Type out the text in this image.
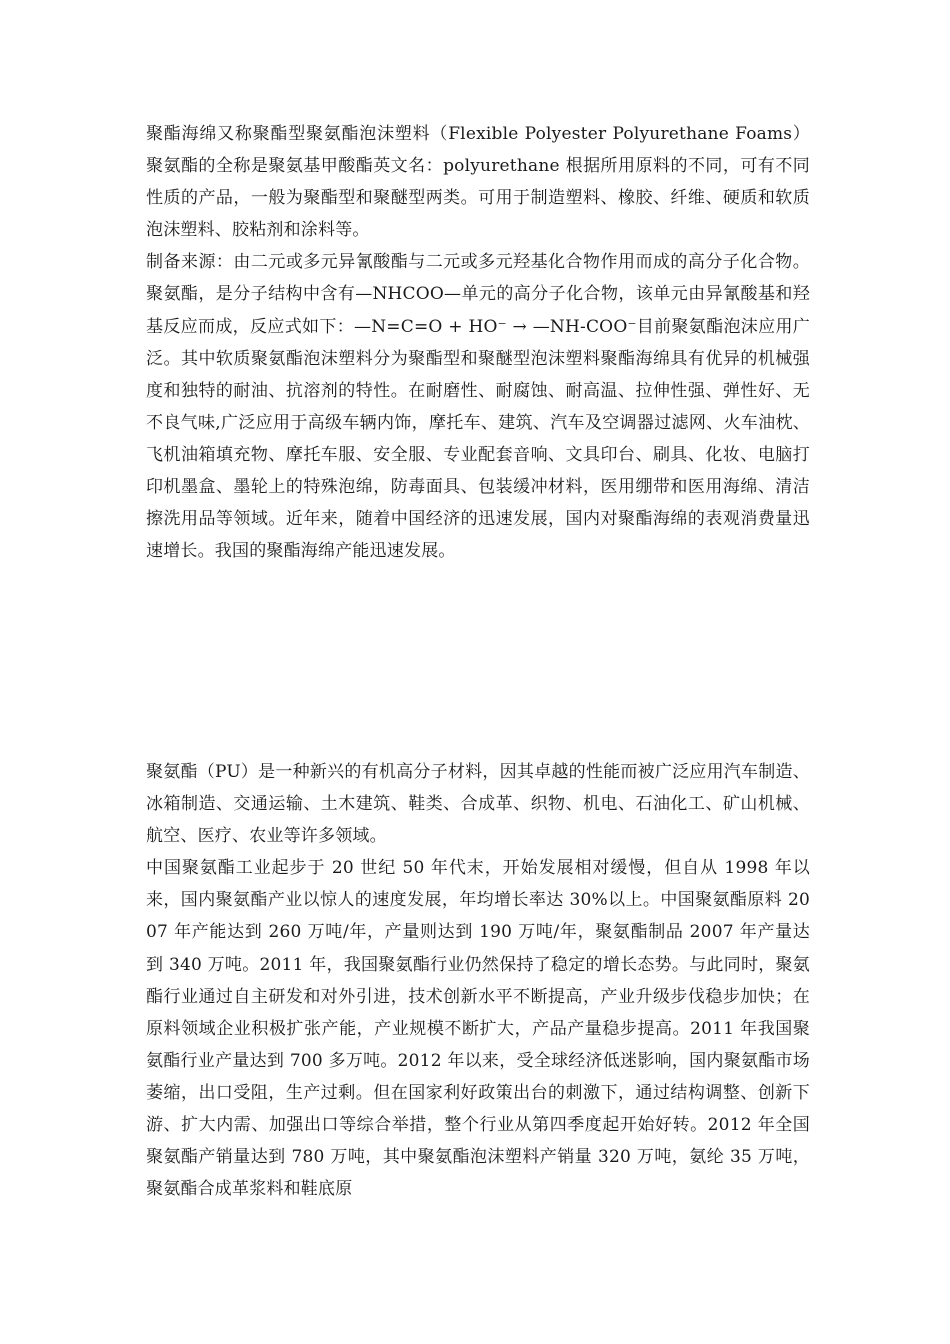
聚酯海绵又称聚酯型聚氨酯泡沫塑料（Flexible Polyester Polyurethane Foams）聚氨酯的全称是聚氨基甲酸酯英文名：polyurethane 根据所用原料的不同，可有不同性质的产品，一般为聚酯型和聚醚型两类。可用于制造塑料、橡胶、纤维、硬质和软质泡沫塑料、胶粘剂和涂料等。

制备来源：由二元或多元异氰酸酯与二元或多元羟基化合物作用而成的高分子化合物。聚氨酯，是分子结构中含有—NHCOO—单元的高分子化合物，该单元由异氰酸基和羟基反应而成，反应式如下：—N=C=O + HO⁻ → —NH-COO⁻目前聚氨酯泡沫应用广泛。其中软质聚氨酯泡沫塑料分为聚酯型和聚醚型泡沫塑料聚酯海绵具有优异的机械强度和独特的耐油、抗溶剂的特性。在耐磨性、耐腐蚀、耐高温、拉伸性强、弹性好、无不良气味,广泛应用于高级车辆内饰，摩托车、建筑、汽车及空调器过滤网、火车油枕、飞机油箱填充物、摩托车服、安全服、专业配套音响、文具印台、刷具、化妆、电脑打印机墨盒、墨轮上的特殊泡绵，防毒面具、包装缓冲材料，医用绷带和医用海绵、清洁擦洗用品等领域。近年来，随着中国经济的迅速发展，国内对聚酯海绵的表观消费量迅速增长。我国的聚酯海绵产能迅速发展。

聚氨酯（PU）是一种新兴的有机高分子材料，因其卓越的性能而被广泛应用汽车制造、冰箱制造、交通运输、土木建筑、鞋类、合成革、织物、机电、石油化工、矿山机械、航空、医疗、农业等许多领域。

中国聚氨酯工业起步于 20 世纪 50 年代末，开始发展相对缓慢，但自从 1998 年以来，国内聚氨酯产业以惊人的速度发展，年均增长率达 30%以上。中国聚氨酯原料 2007 年产能达到 260 万吨/年，产量则达到 190 万吨/年，聚氨酯制品 2007 年产量达到 340 万吨。2011 年，我国聚氨酯行业仍然保持了稳定的增长态势。与此同时，聚氨酯行业通过自主研发和对外引进，技术创新水平不断提高，产业升级步伐稳步加快；在原料领域企业积极扩张产能，产业规模不断扩大，产品产量稳步提高。2011 年我国聚氨酯行业产量达到 700 多万吨。2012 年以来，受全球经济低迷影响，国内聚氨酯市场萎缩，出口受阻，生产过剩。但在国家利好政策出台的刺激下，通过结构调整、创新下游、扩大内需、加强出口等综合举措，整个行业从第四季度起开始好转。2012 年全国聚氨酯产销量达到 780 万吨，其中聚氨酯泡沫塑料产销量 320 万吨，氨纶 35 万吨，聚氨酯合成革浆料和鞋底原
